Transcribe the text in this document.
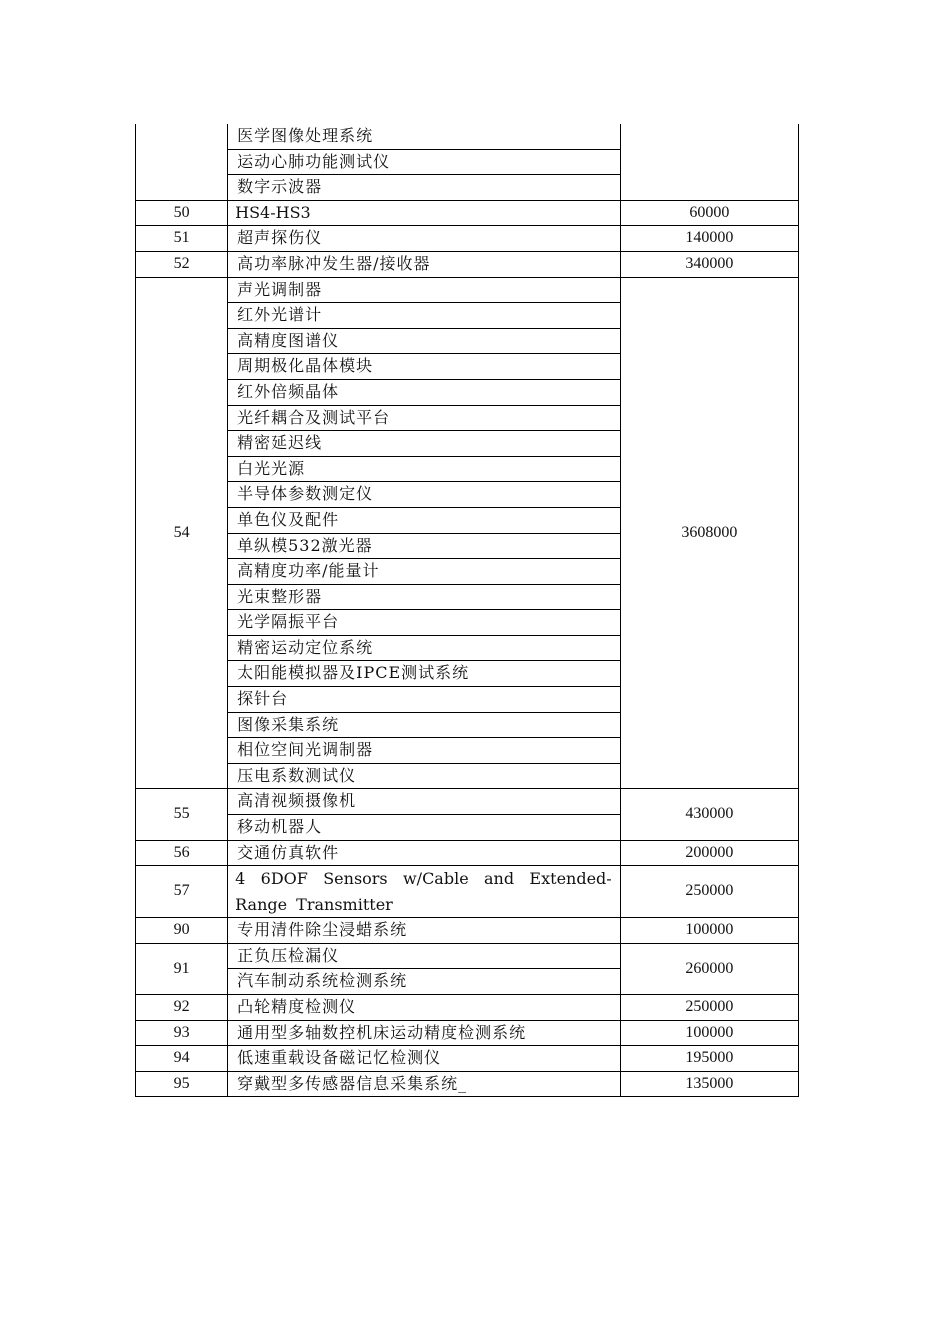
	医学图像处理系统	
	运动心肺功能测试仪	
	数字示波器	
50	HS4-HS3	60000
51	超声探伤仪	140000
52	高功率脉冲发生器/接收器	340000
54	声光调制器	3608000
	红外光谱计	
	高精度图谱仪	
	周期极化晶体模块	
	红外倍频晶体	
	光纤耦合及测试平台	
	精密延迟线	
	白光光源	
	半导体参数测定仪	
	单色仪及配件	
	单纵模532激光器	
	高精度功率/能量计	
	光束整形器	
	光学隔振平台	
	精密运动定位系统	
	太阳能模拟器及IPCE测试系统	
	探针台	
	图像采集系统	
	相位空间光调制器	
	压电系数测试仪	
55	高清视频摄像机	430000
	移动机器人	
56	交通仿真软件	200000
57	4 6DOF Sensors w/Cable and Extended-Range Transmitter	250000
90	专用清件除尘浸蜡系统	100000
91	正负压检漏仪	260000
	汽车制动系统检测系统	
92	凸轮精度检测仪	250000
93	通用型多轴数控机床运动精度检测系统	100000
94	低速重载设备磁记忆检测仪	195000
95	穿戴型多传感器信息采集系统_	135000
